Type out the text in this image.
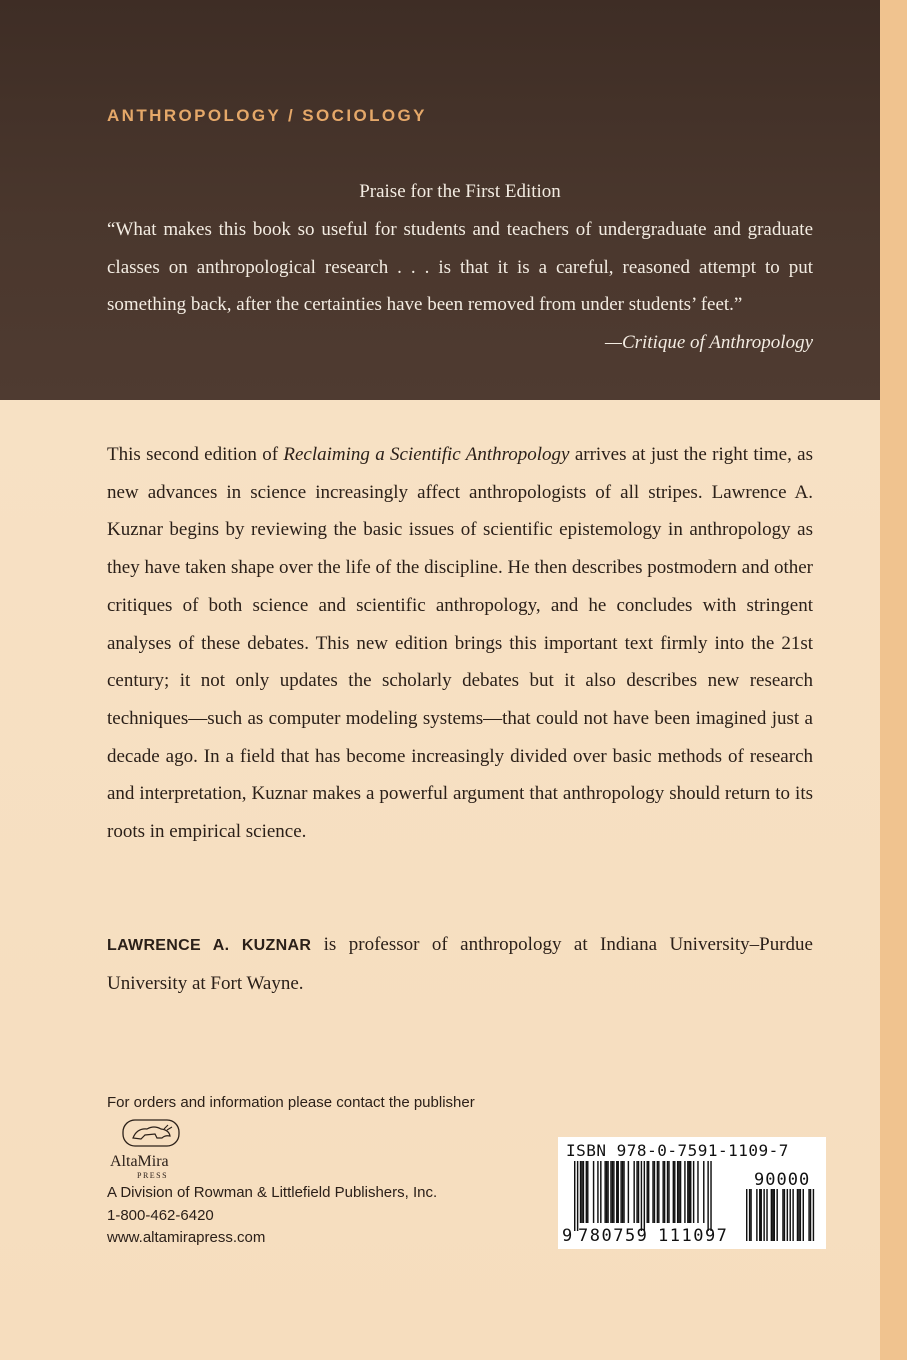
ANTHROPOLOGY / SOCIOLOGY
Praise for the First Edition

“What makes this book so useful for students and teachers of undergraduate and graduate classes on anthropological research . . . is that it is a careful, reasoned attempt to put something back, after the certainties have been removed from under students’ feet.”
—Critique of Anthropology

This second edition of Reclaiming a Scientific Anthropology arrives at just the right time, as new advances in science increasingly affect anthropologists of all stripes. Lawrence A. Kuznar begins by reviewing the basic issues of scientific epistemology in anthropology as they have taken shape over the life of the discipline. He then describes postmodern and other critiques of both science and scientific anthropology, and he concludes with stringent analyses of these debates. This new edition brings this important text firmly into the 21st century; it not only updates the scholarly debates but it also describes new research techniques—such as computer modeling systems—that could not have been imagined just a decade ago. In a field that has become increasingly divided over basic methods of research and interpretation, Kuznar makes a powerful argument that anthropology should return to its roots in empirical science.

LAWRENCE A. KUZNAR is professor of anthropology at Indiana University–Purdue University at Fort Wayne.

For orders and information please contact the publisher
AltaMira
PRESS
A Division of Rowman & Littlefield Publishers, Inc.
1-800-462-6420
www.altamirapress.com
ISBN 978-0-7591-1109-7
9 780759 111097
90000
